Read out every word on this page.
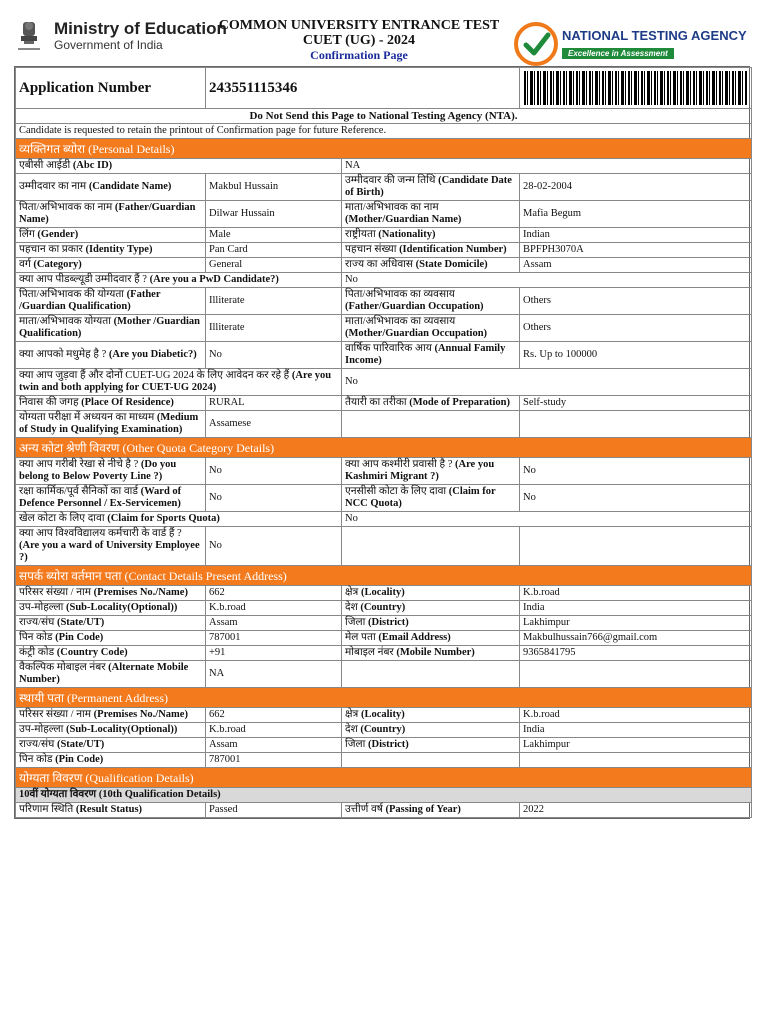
Ministry of Education
Government of India
COMMON UNIVERSITY ENTRANCE TEST
CUET (UG) - 2024
Confirmation Page
NATIONAL TESTING AGENCY
Excellence in Assessment
Application Number	243551115346		

Do Not Send this Page to National Testing Agency (NTA).			
Candidate is requested to retain the printout of Confirmation page for future Reference.			
व्यक्तिगत ब्योरा (Personal Details)			
एबीसी आईडी (Abc ID)		NA	
उम्मीदवार का नाम (Candidate Name)	Makbul Hussain	उम्मीदवार की जन्म तिथि (Candidate Date of Birth)	28-02-2004
पिता/अभिभावक का नाम (Father/Guardian Name)	Dilwar Hussain	माता/अभिभावक का नाम (Mother/Guardian Name)	Mafia Begum
लिंग (Gender)	Male	राष्ट्रीयता (Nationality)	Indian
पहचान का प्रकार (Identity Type)	Pan Card	पहचान संख्या (Identification Number)	BPFPH3070A
वर्ग (Category)	General	राज्य का अधिवास (State Domicile)	Assam
क्या आप पीडब्ल्यूडी उम्मीदवार हैं ? (Are you a PwD Candidate?)		No	
पिता/अभिभावक की योग्यता (Father /Guardian Qualification)	Illiterate	पिता/अभिभावक का व्यवसाय (Father/Guardian Occupation)	Others
माता/अभिभावक योग्यता (Mother /Guardian Qualification)	Illiterate	माता/अभिभावक का व्यवसाय (Mother/Guardian Occupation)	Others
क्या आपको मधुमेह है ? (Are you Diabetic?)	No	वार्षिक पारिवारिक आय (Annual Family Income)	Rs. Up to 100000
क्या आप जुड़वा हैं और दोनों CUET-UG 2024 के लिए आवेदन कर रहे हैं (Are you twin and both applying for CUET-UG 2024)		No	
निवास की जगह (Place Of Residence)	RURAL	तैयारी का तरीका (Mode of Preparation)	Self-study
योग्यता परीक्षा में अध्ययन का माध्यम (Medium of Study in Qualifying Examination)	Assamese		
अन्य कोटा श्रेणी विवरण (Other Quota Category Details)			
क्या आप गरीबी रेखा से नीचे है ? (Do you belong to Below Poverty Line ?)	No	क्या आप कश्मीरी प्रवासी है ? (Are you Kashmiri Migrant ?)	No
रक्षा कार्मिक/पूर्व सैनिकों का वार्ड (Ward of Defence Personnel / Ex-Servicemen)	No	एनसीसी कोटा के लिए दावा (Claim for NCC Quota)	No
खेल कोटा के लिए दावा (Claim for Sports Quota)		No	
क्या आप विश्वविद्यालय कर्मचारी के वार्ड हैं ? (Are you a ward of University Employee ?)	No		
सपर्क ब्योरा वर्तमान पता (Contact Details Present Address)			
परिसर संख्या / नाम (Premises No./Name)	662	क्षेत्र (Locality)	K.b.road
उप-मोहल्ला (Sub-Locality(Optional))	K.b.road	देश (Country)	India
राज्य/संघ (State/UT)	Assam	जिला (District)	Lakhimpur
पिन कोड (Pin Code)	787001	मेल पता (Email Address)	Makbulhussain766@gmail.com
कंट्री कोड (Country Code)	+91	मोबाइल नंबर (Mobile Number)	9365841795
वैकल्पिक मोबाइल नंबर (Alternate Mobile Number)	NA		
स्थायी पता (Permanent Address)			
परिसर संख्या / नाम (Premises No./Name)	662	क्षेत्र (Locality)	K.b.road
उप-मोहल्ला (Sub-Locality(Optional))	K.b.road	देश (Country)	India
राज्य/संघ (State/UT)	Assam	जिला (District)	Lakhimpur
पिन कोड (Pin Code)	787001		
योग्यता विवरण (Qualification Details)			
10वीं योग्यता विवरण (10th Qualification Details)			
परिणाम स्थिति (Result Status)	Passed	उत्तीर्ण वर्ष (Passing of Year)	2022
